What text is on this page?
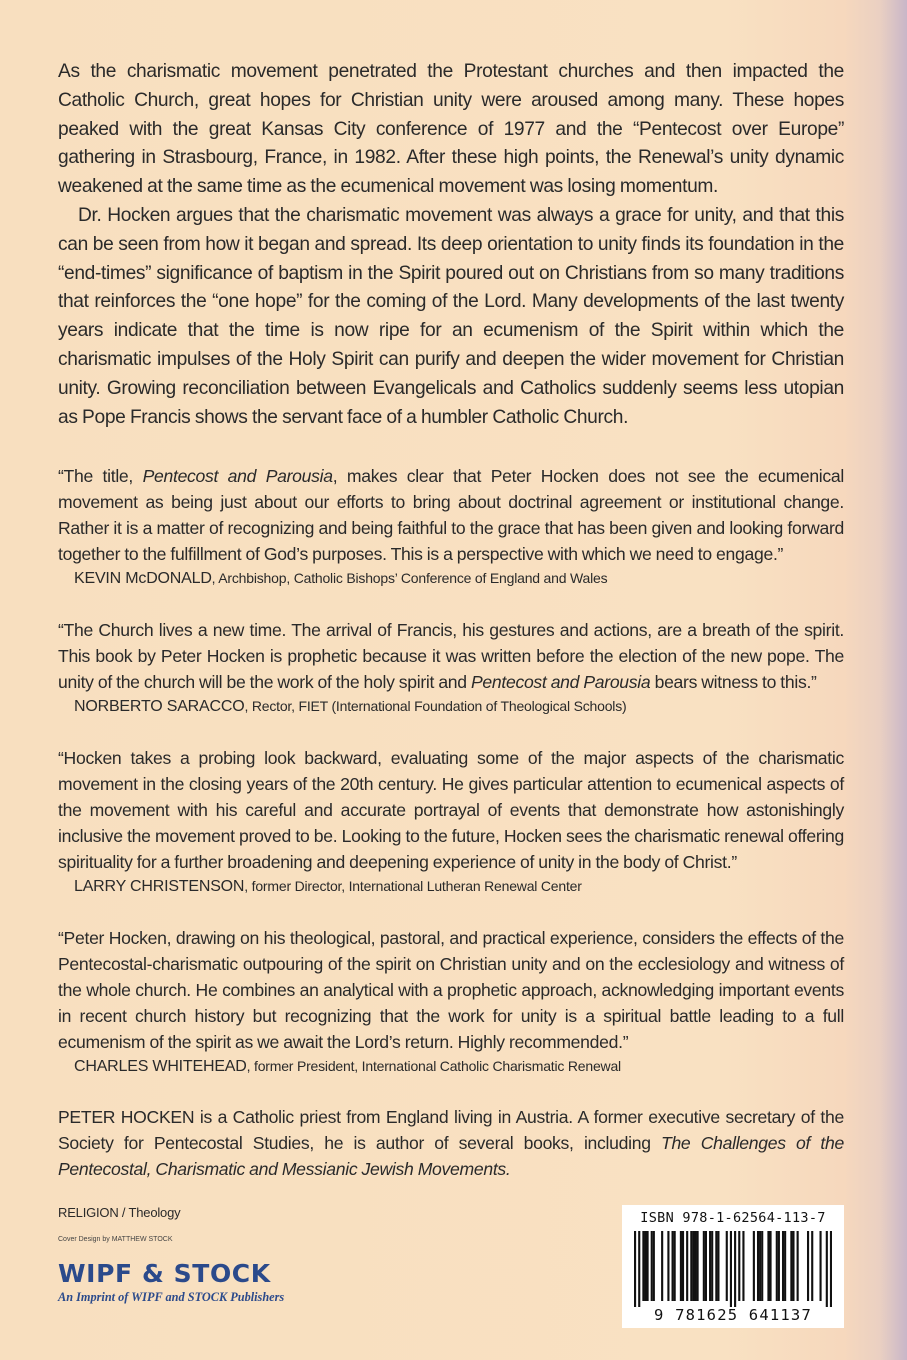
As the charismatic movement penetrated the Protestant churches and then impacted the Catholic Church, great hopes for Christian unity were aroused among many. These hopes peaked with the great Kansas City conference of 1977 and the “Pentecost over Europe” gathering in Strasbourg, France, in 1982. After these high points, the Renewal’s unity dynamic weakened at the same time as the ecumenical movement was losing momentum.

Dr. Hocken argues that the charismatic movement was always a grace for unity, and that this can be seen from how it began and spread. Its deep orientation to unity finds its foundation in the “end-times” significance of baptism in the Spirit poured out on Christians from so many traditions that reinforces the “one hope” for the coming of the Lord. Many developments of the last twenty years indicate that the time is now ripe for an ecumenism of the Spirit within which the charismatic impulses of the Holy Spirit can purify and deepen the wider movement for Christian unity. Growing reconciliation between Evangelicals and Catholics suddenly seems less utopian as Pope Francis shows the servant face of a humbler Catholic Church.

“The title, Pentecost and Parousia, makes clear that Peter Hocken does not see the ecumenical movement as being just about our efforts to bring about doctrinal agreement or institutional change. Rather it is a matter of recognizing and being faithful to the grace that has been given and looking forward together to the fulfillment of God’s purposes. This is a perspective with which we need to engage.”

KEVIN McDONALD, Archbishop, Catholic Bishops’ Conference of England and Wales

“The Church lives a new time. The arrival of Francis, his gestures and actions, are a breath of the spirit. This book by Peter Hocken is prophetic because it was written before the election of the new pope. The unity of the church will be the work of the holy spirit and Pentecost and Parousia bears witness to this.”

NORBERTO SARACCO, Rector, FIET (International Foundation of Theological Schools)

“Hocken takes a probing look backward, evaluating some of the major aspects of the charismatic movement in the closing years of the 20th century. He gives particular attention to ecumenical aspects of the movement with his careful and accurate portrayal of events that demonstrate how astonishingly inclusive the movement proved to be. Looking to the future, Hocken sees the charismatic renewal offering spirituality for a further broadening and deepening experience of unity in the body of Christ.”

LARRY CHRISTENSON, former Director, International Lutheran Renewal Center

“Peter Hocken, drawing on his theological, pastoral, and practical experience, considers the effects of the Pentecostal-charismatic outpouring of the spirit on Christian unity and on the ecclesiology and witness of the whole church. He combines an analytical with a prophetic approach, acknowledging important events in recent church history but recognizing that the work for unity is a spiritual battle leading to a full ecumenism of the spirit as we await the Lord’s return. Highly recommended.”

CHARLES WHITEHEAD, former President, International Catholic Charismatic Renewal

PETER HOCKEN is a Catholic priest from England living in Austria. A former executive secretary of the Society for Pentecostal Studies, he is author of several books, including The Challenges of the Pentecostal, Charismatic and Messianic Jewish Movements.

RELIGION / Theology
Cover Design by MATTHEW STOCK
WIPF & STOCK
An Imprint of WIPF and STOCK Publishers
ISBN 978-1-62564-113-7
9 781625 641137
